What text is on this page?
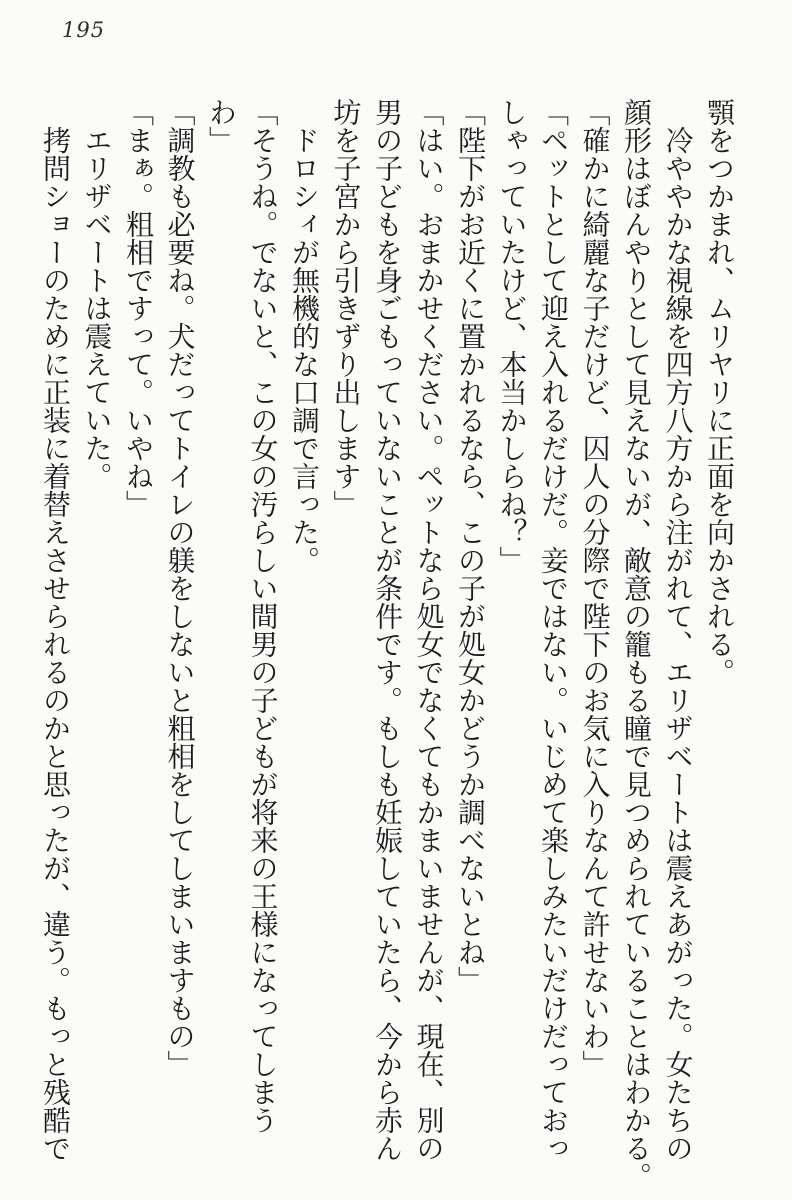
195

顎をつかまれ、ムリヤリに正面を向かされる。

冷ややかな視線を四方八方から注がれて、エリザベートは震えあがった。女たちの

顔形はぼんやりとして見えないが、敵意の籠もる瞳で見つめられていることはわかる。

「確かに綺麗な子だけど、囚人の分際で陛下のお気に入りなんて許せないわ」

「ペットとして迎え入れるだけだ。妾ではない。いじめて楽しみたいだけだっておっ

しゃっていたけど、本当かしらね？」

「陛下がお近くに置かれるなら、この子が処女かどうか調べないとね」

「はい。おまかせください。ペットなら処女でなくてもかまいませんが、現在、別の

男の子どもを身ごもっていないことが条件です。もしも妊娠していたら、今から赤ん

坊を子宮から引きずり出します」

ドロシィが無機的な口調で言った。

「そうね。でないと、この女の汚らしい間男の子どもが将来の王様になってしまう

わ」

「調教も必要ね。犬だってトイレの躾をしないと粗相をしてしまいますもの」

「まぁ。粗相ですって。いやね」

エリザベートは震えていた。

拷問ショーのために正装に着替えさせられるのかと思ったが、違う。もっと残酷で
